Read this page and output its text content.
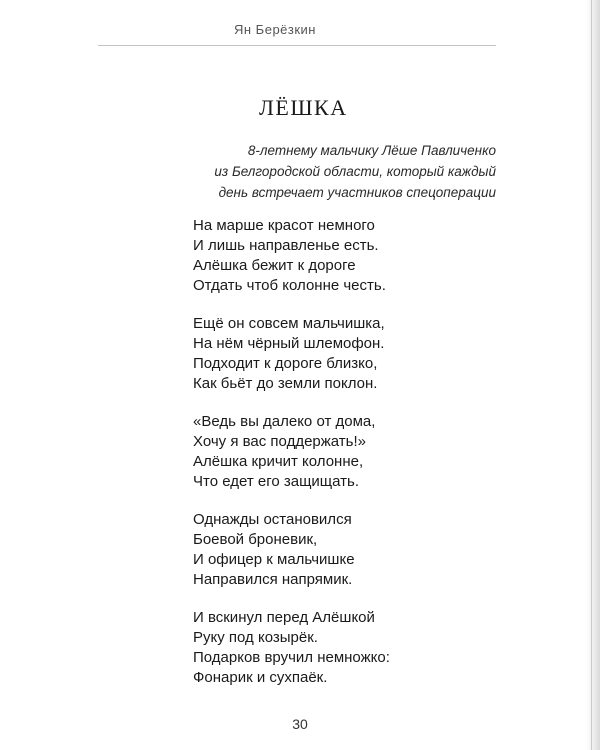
Ян Берёзкин
ЛЁШКА
8-летнему мальчику Лёше Павличенко
из Белгородской области, который каждый
день встречает участников спецоперации
На марше красот немного
И лишь направленье есть.
Алёшка бежит к дороге
Отдать чтоб колонне честь.
Ещё он совсем мальчишка,
На нём чёрный шлемофон.
Подходит к дороге близко,
Как бьёт до земли поклон.
«Ведь вы далеко от дома,
Хочу я вас поддержать!»
Алёшка кричит колонне,
Что едет его защищать.
Однажды остановился
Боевой броневик,
И офицер к мальчишке
Направился напрямик.
И вскинул перед Алёшкой
Руку под козырёк.
Подарков вручил немножко:
Фонарик и сухпаёк.
30
